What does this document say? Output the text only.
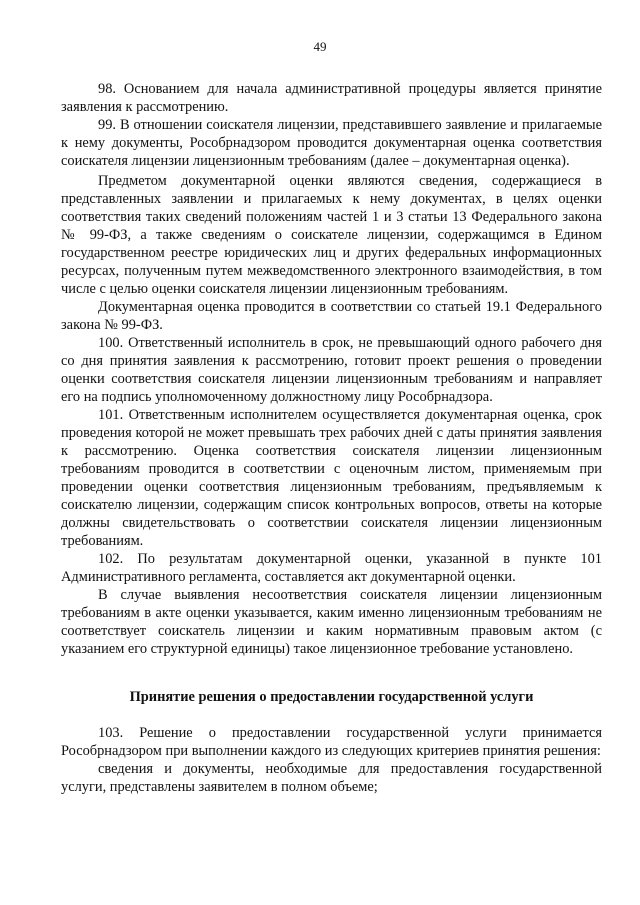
49

98. Основанием для начала административной процедуры является принятие заявления к рассмотрению.

99. В отношении соискателя лицензии, представившего заявление и прилагаемые к нему документы, Рособрнадзором проводится документарная оценка соответствия соискателя лицензии лицензионным требованиям (далее – документарная оценка).

Предметом документарной оценки являются сведения, содержащиеся в представленных заявлении и прилагаемых к нему документах, в целях оценки соответствия таких сведений положениям частей 1 и 3 статьи 13 Федерального закона № 99-ФЗ, а также сведениям о соискателе лицензии, содержащимся в Едином государственном реестре юридических лиц и других федеральных информационных ресурсах, полученным путем межведомственного электронного взаимодействия, в том числе с целью оценки соискателя лицензии лицензионным требованиям.

Документарная оценка проводится в соответствии со статьей 19.1 Федерального закона № 99-ФЗ.

100. Ответственный исполнитель в срок, не превышающий одного рабочего дня со дня принятия заявления к рассмотрению, готовит проект решения о проведении оценки соответствия соискателя лицензии лицензионным требованиям и направляет его на подпись уполномоченному должностному лицу Рособрнадзора.

101. Ответственным исполнителем осуществляется документарная оценка, срок проведения которой не может превышать трех рабочих дней с даты принятия заявления к рассмотрению. Оценка соответствия соискателя лицензии лицензионным требованиям проводится в соответствии с оценочным листом, применяемым при проведении оценки соответствия лицензионным требованиям, предъявляемым к соискателю лицензии, содержащим список контрольных вопросов, ответы на которые должны свидетельствовать о соответствии соискателя лицензии лицензионным требованиям.

102. По результатам документарной оценки, указанной в пункте 101 Административного регламента, составляется акт документарной оценки.

В случае выявления несоответствия соискателя лицензии лицензионным требованиям в акте оценки указывается, каким именно лицензионным требованиям не соответствует соискатель лицензии и каким нормативным правовым актом (с указанием его структурной единицы) такое лицензионное требование установлено.

Принятие решения о предоставлении государственной услуги

103. Решение о предоставлении государственной услуги принимается Рособрнадзором при выполнении каждого из следующих критериев принятия решения:

сведения и документы, необходимые для предоставления государственной услуги, представлены заявителем в полном объеме;
